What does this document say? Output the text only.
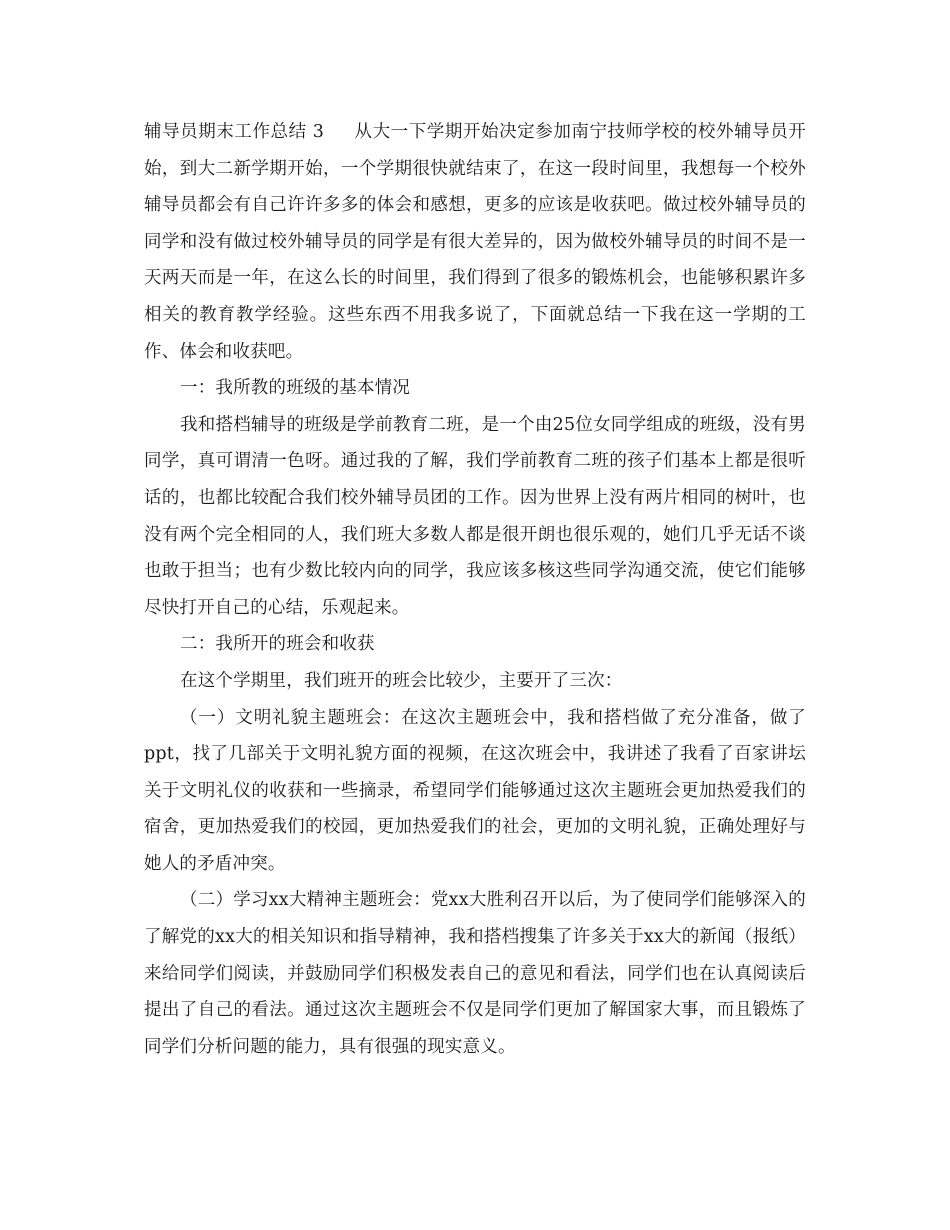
辅导员期末工作总结 3 从大一下学期开始决定参加南宁技师学校的校外辅导员开始，到大二新学期开始，一个学期很快就结束了，在这一段时间里，我想每一个校外辅导员都会有自己许许多多的体会和感想，更多的应该是收获吧。做过校外辅导员的同学和没有做过校外辅导员的同学是有很大差异的，因为做校外辅导员的时间不是一天两天而是一年，在这么长的时间里，我们得到了很多的锻炼机会，也能够积累许多相关的教育教学经验。这些东西不用我多说了，下面就总结一下我在这一学期的工作、体会和收获吧。

一：我所教的班级的基本情况

我和搭档辅导的班级是学前教育二班，是一个由25位女同学组成的班级，没有男同学，真可谓清一色呀。通过我的了解，我们学前教育二班的孩子们基本上都是很听话的，也都比较配合我们校外辅导员团的工作。因为世界上没有两片相同的树叶，也没有两个完全相同的人，我们班大多数人都是很开朗也很乐观的，她们几乎无话不谈也敢于担当；也有少数比较内向的同学，我应该多核这些同学沟通交流，使它们能够尽快打开自己的心结，乐观起来。

二：我所开的班会和收获

在这个学期里，我们班开的班会比较少，主要开了三次：

（一）文明礼貌主题班会：在这次主题班会中，我和搭档做了充分准备，做了ppt，找了几部关于文明礼貌方面的视频，在这次班会中，我讲述了我看了百家讲坛关于文明礼仪的收获和一些摘录，希望同学们能够通过这次主题班会更加热爱我们的宿舍，更加热爱我们的校园，更加热爱我们的社会，更加的文明礼貌，正确处理好与她人的矛盾冲突。

（二）学习xx大精神主题班会：党xx大胜利召开以后，为了使同学们能够深入的了解党的xx大的相关知识和指导精神，我和搭档搜集了许多关于xx大的新闻（报纸）来给同学们阅读，并鼓励同学们积极发表自己的意见和看法，同学们也在认真阅读后提出了自己的看法。通过这次主题班会不仅是同学们更加了解国家大事，而且锻炼了同学们分析问题的能力，具有很强的现实意义。
